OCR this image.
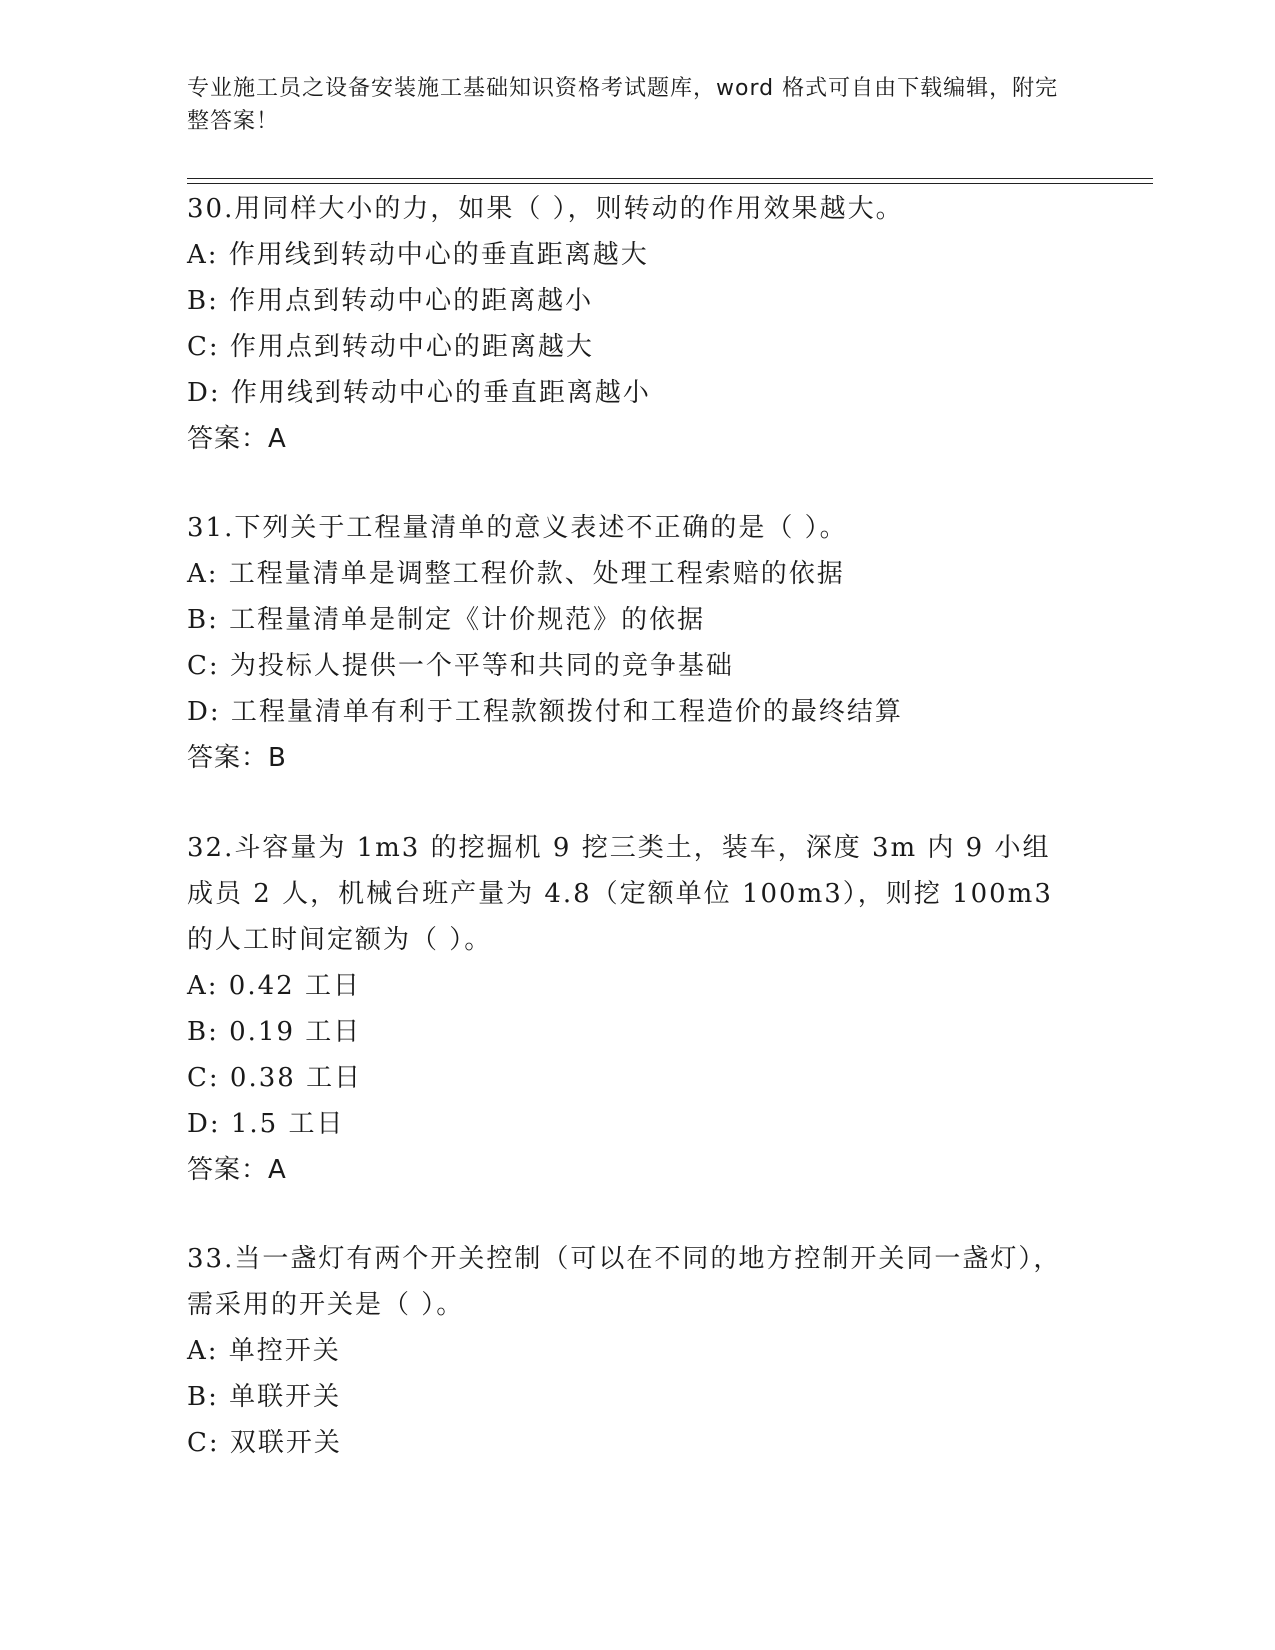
专业施工员之设备安装施工基础知识资格考试题库，word 格式可自由下载编辑，附完整答案！

30.用同样大小的力，如果（ ），则转动的作用效果越大。

A: 作用线到转动中心的垂直距离越大

B: 作用点到转动中心的距离越小

C: 作用点到转动中心的距离越大

D: 作用线到转动中心的垂直距离越小

答案：A

31.下列关于工程量清单的意义表述不正确的是（ ）。

A: 工程量清单是调整工程价款、处理工程索赔的依据

B: 工程量清单是制定《计价规范》的依据

C: 为投标人提供一个平等和共同的竞争基础

D: 工程量清单有利于工程款额拨付和工程造价的最终结算

答案：B

32.斗容量为 1m3 的挖掘机 9 挖三类土，装车，深度 3m 内 9 小组成员 2 人，机械台班产量为 4.8（定额单位 100m3），则挖 100m3 的人工时间定额为（ ）。

A: 0.42 工日

B: 0.19 工日

C: 0.38 工日

D: 1.5 工日

答案：A

33.当一盏灯有两个开关控制（可以在不同的地方控制开关同一盏灯），需采用的开关是（ ）。

A: 单控开关

B: 单联开关

C: 双联开关
